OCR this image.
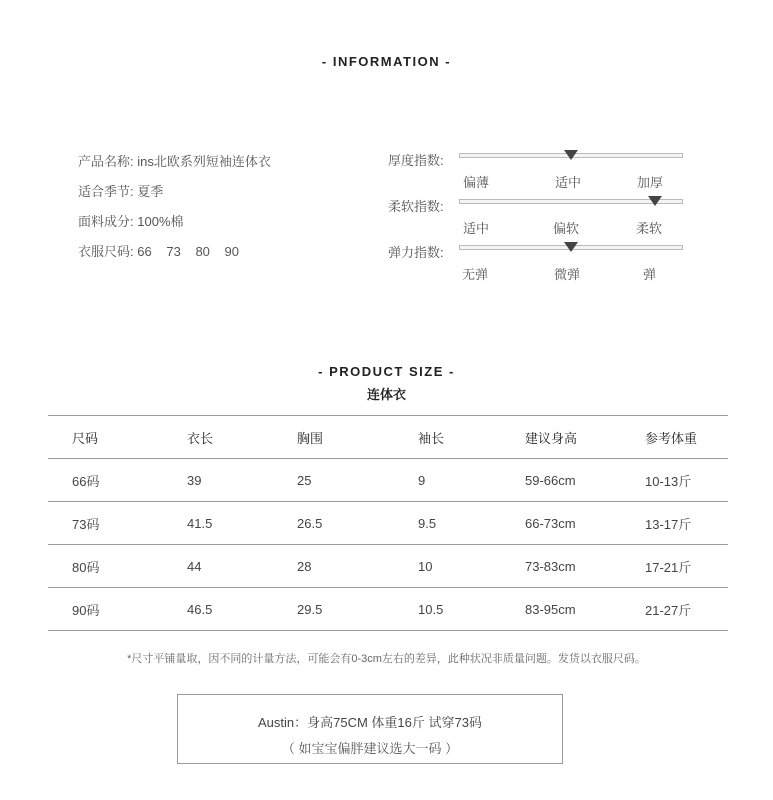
- INFORMATION -
产品名称: ins北欧系列短袖连体衣
适合季节: 夏季
面料成分: 100%棉
衣服尺码: 66 73 80 90
厚度指数:
偏薄	适中	加厚
柔软指数:
适中	偏软	柔软
弹力指数:
无弹	微弹	弹
- PRODUCT SIZE -
连体衣
尺码	衣长	胸围	袖长	建议身高	参考体重
66码	39	25	9	59-66cm	10-13斤
73码	41.5	26.5	9.5	66-73cm	13-17斤
80码	44	28	10	73-83cm	17-21斤
90码	46.5	29.5	10.5	83-95cm	21-27斤
*尺寸平铺量取，因不同的计量方法，可能会有0-3cm左右的差异，此种状况非质量问题。发货以衣服尺码。
Austin：身高75CM 体重16斤 试穿73码
（ 如宝宝偏胖建议选大一码 ）
